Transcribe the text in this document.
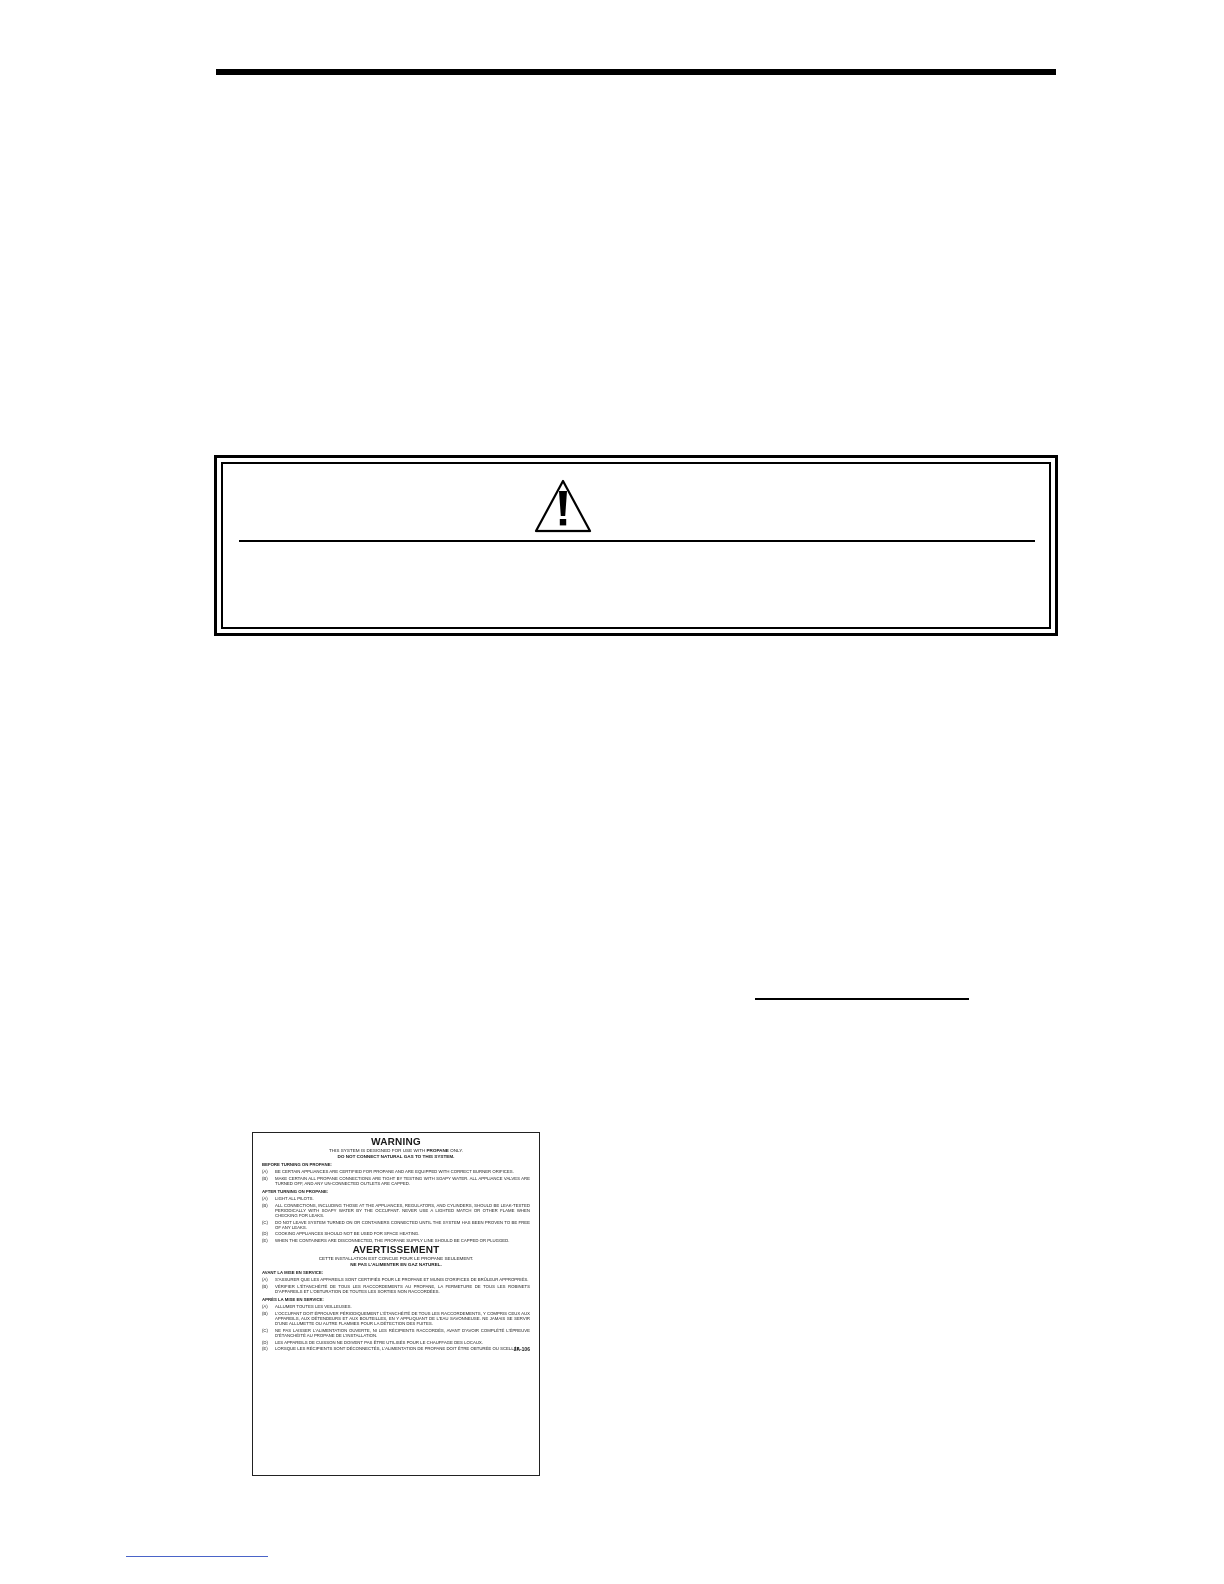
WARNING
THIS SYSTEM IS DESIGNED FOR USE WITH PROPANE ONLY.
DO NOT CONNECT NATURAL GAS TO THIS SYSTEM.
BEFORE TURNING ON PROPANE:
(A)	BE CERTAIN APPLIANCES ARE CERTIFIED FOR PROPANE AND ARE EQUIPPED WITH CORRECT BURNER ORIFICES.
(B)	MAKE CERTAIN ALL PROPANE CONNECTIONS ARE TIGHT BY TESTING WITH SOAPY WATER. ALL APPLIANCE VALVES ARE TURNED OFF, AND ANY UN-CONNECTED OUTLETS ARE CAPPED.
AFTER TURNING ON PROPANE:
(A)	LIGHT ALL PILOTS.
(B)	ALL CONNECTIONS, INCLUDING THOSE AT THE APPLIANCES, REGULATORS, AND CYLINDERS, SHOULD BE LEAK-TESTED PERIODICALLY WITH SOAPY WATER BY THE OCCUPANT. NEVER USE A LIGHTED MATCH OR OTHER FLAME WHEN CHECKING FOR LEAKS.
(C)	DO NOT LEAVE SYSTEM TURNED ON OR CONTAINERS CONNECTED UNTIL THE SYSTEM HAS BEEN PROVEN TO BE FREE OF ANY LEAKS.
(D)	COOKING APPLIANCES SHOULD NOT BE USED FOR SPACE HEATING.
(E)	WHEN THE CONTAINERS ARE DISCONNECTED, THE PROPANE SUPPLY LINE SHOULD BE CAPPED OR PLUGGED.
AVERTISSEMENT
CETTE INSTALLATION EST CONCUE POUR LE PROPANE SEULEMENT.
NE PAS L'ALIMENTER EN GAZ NATUREL.
AVANT LA MISE EN SERVICE:
(A)	S'ASSURER QUE LES APPAREILS SONT CERTIFIÉS POUR LE PROPANE ET MUNIS D'ORIFICES DE BRÛLEUR APPROPRIÉS.
(B)	VÉRIFIER L'ÉTANCHÉITÉ DE TOUS LES RACCORDEMENTS AU PROPANE, LA FERMETURE DE TOUS LES ROBINETS D'APPAREILS ET L'OBTURATION DE TOUTES LES SORTIES NON RACCORDÉES.
APRÈS LA MISE EN SERVICE:
(A)	ALLUMER TOUTES LES VEILLEUSES.
(B)	L'OCCUPANT DOIT ÉPROUVER PÉRIODIQUEMENT L'ÉTANCHÉITÉ DE TOUS LES RACCORDEMENTS, Y COMPRIS CEUX AUX APPAREILS, AUX DÉTENDEURS ET AUX BOUTEILLES, EN Y APPLIQUANT DE L'EAU SAVONNEUSE. NE JAMAIS SE SERVIR D'UNE ALLUMETTE OU AUTRE FLAMMES POUR LA DÉTECTION DES FUITES.
(C)	NE PAS LAISSER L'ALIMENTATION OUVERTE, NI LES RÉCIPIENTS RACCORDÉS, AVANT D'AVOIR COMPLÉTÉ L'ÉPREUVE D'ÉTANCHÉITÉ AU PROPANE DE L'INSTALLATION.
(D)	LES APPAREILS DE CUISSON NE DOIVENT PAS ÊTRE UTILISÉS POUR LE CHAUFFAGE DES LOCAUX.
(E)	LORSQUE LES RÉCIPIENTS SONT DÉCONNECTÉS, L'ALIMENTATION DE PROPANE DOIT ÊTRE OBTURÉE OU SCELLÉE.
JA-106
